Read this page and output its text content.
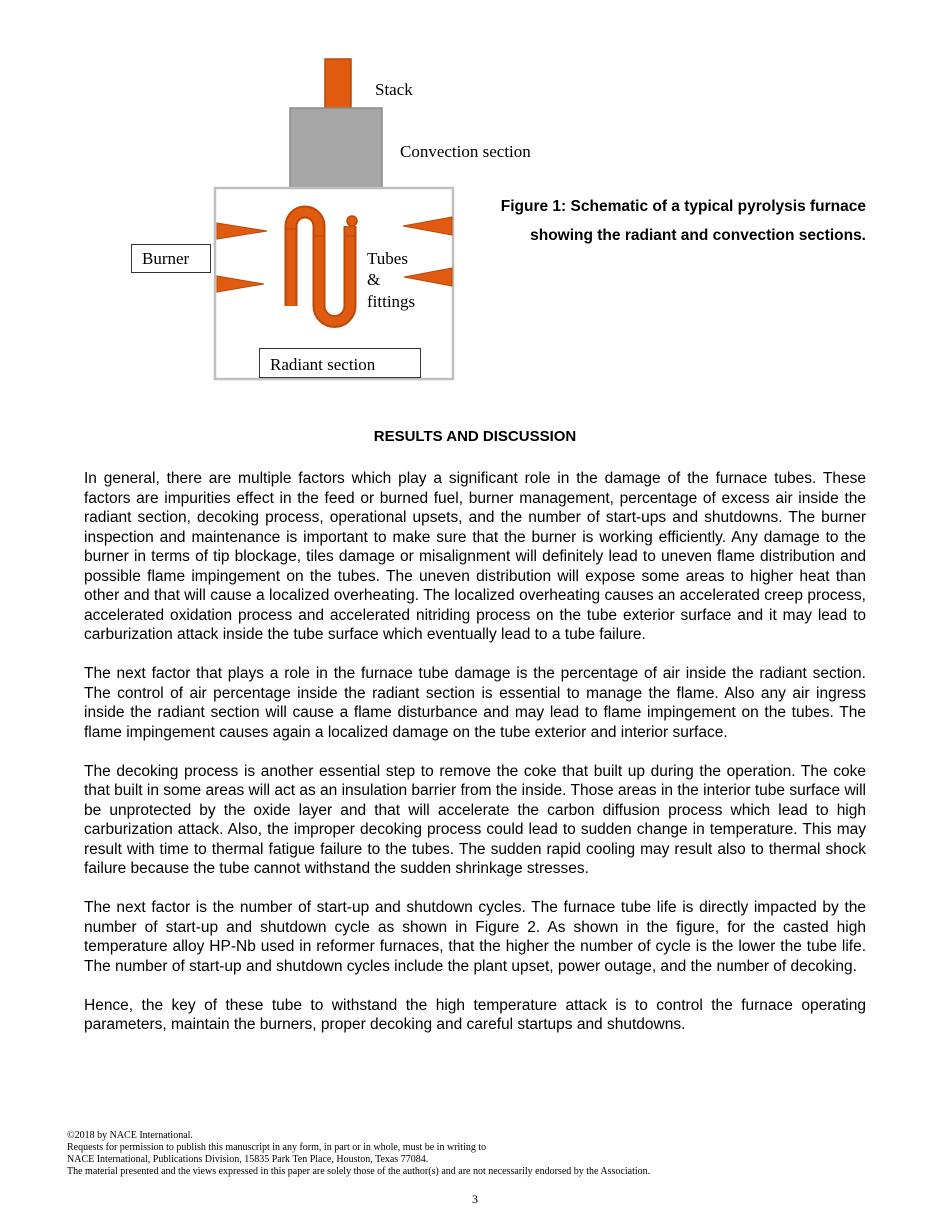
Stack
Convection section
Burner	Tubes
&
fittings
Radiant section
Figure 1: Schematic of a typical pyrolysis furnace showing the radiant and convection sections.
RESULTS AND DISCUSSION

In general, there are multiple factors which play a significant role in the damage of the furnace tubes. These factors are impurities effect in the feed or burned fuel, burner management, percentage of excess air inside the radiant section, decoking process, operational upsets, and the number of start-ups and shutdowns. The burner inspection and maintenance is important to make sure that the burner is working efficiently. Any damage to the burner in terms of tip blockage, tiles damage or misalignment will definitely lead to uneven flame distribution and possible flame impingement on the tubes. The uneven distribution will expose some areas to higher heat than other and that will cause a localized overheating. The localized overheating causes an accelerated creep process, accelerated oxidation process and accelerated nitriding process on the tube exterior surface and it may lead to carburization attack inside the tube surface which eventually lead to a tube failure.

The next factor that plays a role in the furnace tube damage is the percentage of air inside the radiant section. The control of air percentage inside the radiant section is essential to manage the flame. Also any air ingress inside the radiant section will cause a flame disturbance and may lead to flame impingement on the tubes. The flame impingement causes again a localized damage on the tube exterior and interior surface.

The decoking process is another essential step to remove the coke that built up during the operation. The coke that built in some areas will act as an insulation barrier from the inside. Those areas in the interior tube surface will be unprotected by the oxide layer and that will accelerate the carbon diffusion process which lead to high carburization attack. Also, the improper decoking process could lead to sudden change in temperature. This may result with time to thermal fatigue failure to the tubes. The sudden rapid cooling may result also to thermal shock failure because the tube cannot withstand the sudden shrinkage stresses.

The next factor is the number of start-up and shutdown cycles. The furnace tube life is directly impacted by the number of start-up and shutdown cycle as shown in Figure 2. As shown in the figure, for the casted high temperature alloy HP-Nb used in reformer furnaces, that the higher the number of cycle is the lower the tube life. The number of start-up and shutdown cycles include the plant upset, power outage, and the number of decoking.

Hence, the key of these tube to withstand the high temperature attack is to control the furnace operating parameters, maintain the burners, proper decoking and careful startups and shutdowns.

©2018 by NACE International.
Requests for permission to publish this manuscript in any form, in part or in whole, must be in writing to
NACE International, Publications Division, 15835 Park Ten Place, Houston, Texas 77084.
The material presented and the views expressed in this paper are solely those of the author(s) and are not necessarily endorsed by the Association.
3
